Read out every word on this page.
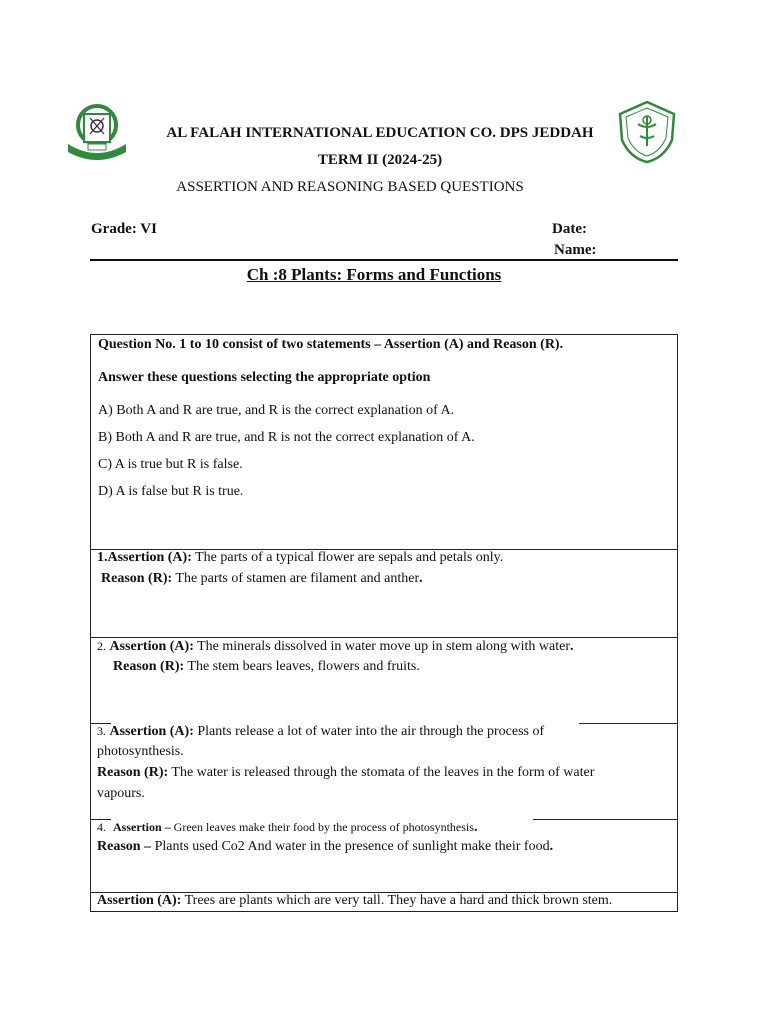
AL FALAH INTERNATIONAL EDUCATION CO. DPS JEDDAH
TERM II (2024-25)
ASSERTION AND REASONING BASED QUESTIONS
Grade: VI	Date:
Name:
Ch :8 Plants: Forms and Functions
Question No. 1 to 10 consist of two statements – Assertion (A) and Reason (R).
Answer these questions selecting the appropriate option
A) Both A and R are true, and R is the correct explanation of A.
B) Both A and R are true, and R is not the correct explanation of A.
C) A is true but R is false.
D) A is false but R is true.
1.Assertion (A): The parts of a typical flower are sepals and petals only.
Reason (R): The parts of stamen are filament and anther.
2. Assertion (A): The minerals dissolved in water move up in stem along with water.
Reason (R): The stem bears leaves, flowers and fruits.
3. Assertion (A): Plants release a lot of water into the air through the process of
photosynthesis.
Reason (R): The water is released through the stomata of the leaves in the form of water
vapours.
4. Assertion – Green leaves make their food by the process of photosynthesis.
Reason – Plants used Co2 And water in the presence of sunlight make their food.
Assertion (A): Trees are plants which are very tall. They have a hard and thick brown stem.
